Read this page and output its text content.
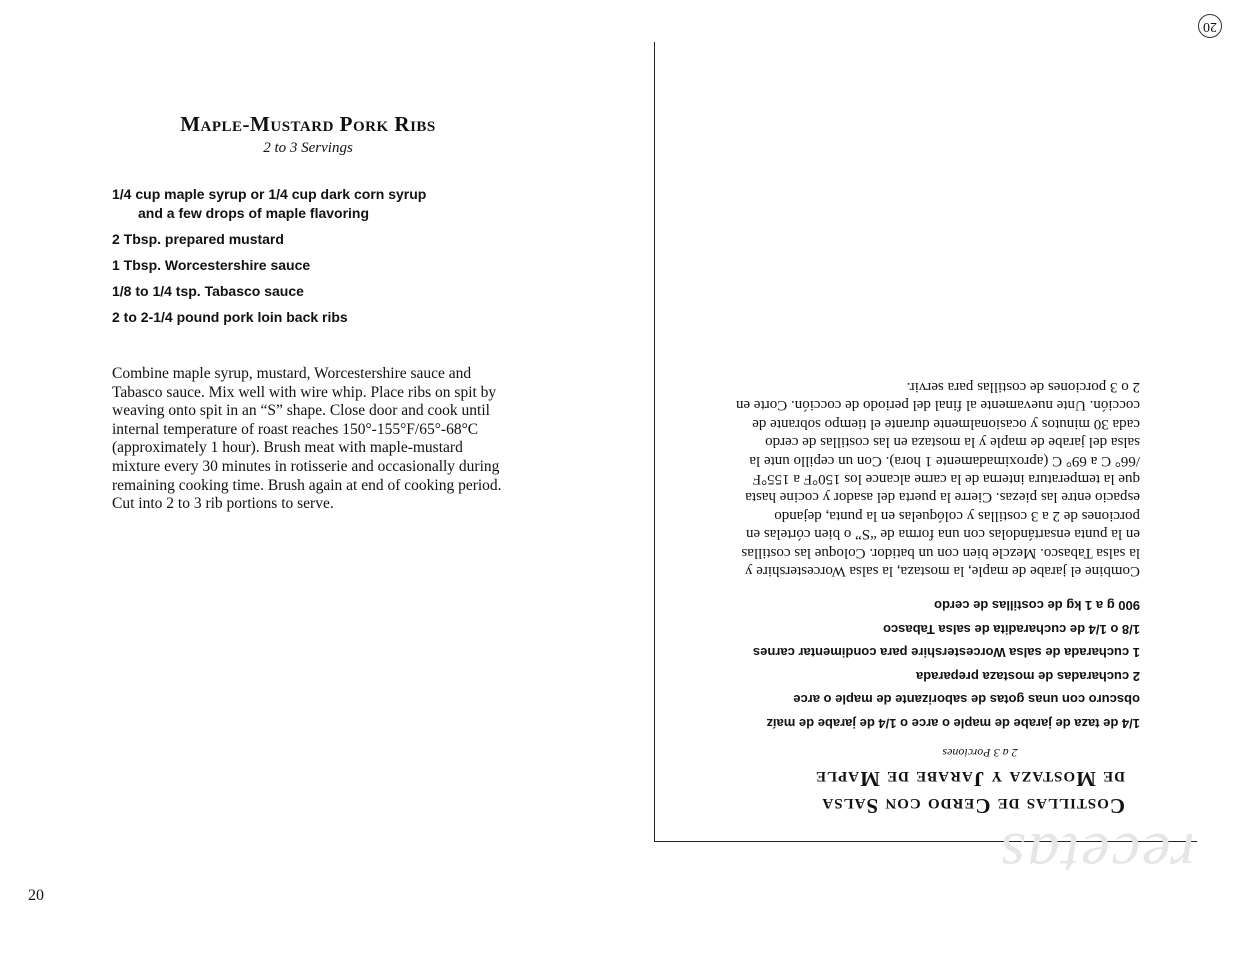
Maple-Mustard Pork Ribs
2 to 3 Servings
1/4 cup maple syrup or 1/4 cup dark corn syrup
and a few drops of maple flavoring
2 Tbsp. prepared mustard
1 Tbsp. Worcestershire sauce
1/8 to 1/4 tsp. Tabasco sauce
2 to 2-1/4 pound pork loin back ribs

Combine maple syrup, mustard, Worcestershire sauce and Tabasco sauce. Mix well with wire whip. Place ribs on spit by weaving onto spit in an “S” shape. Close door and cook until internal temperature of roast reaches 150°-155°F/65°-68°C (approximately 1 hour). Brush meat with maple-mustard mixture every 30 minutes in rotisserie and occasionally during remaining cooking time. Brush again at end of cooking period. Cut into 2 to 3 rib portions to serve.

20
recetas
Costillas de Cerdo con Salsa
de Mostaza y Jarabe de Maple
2 a 3 Porciones
1/4 de taza de jarabe de maple o arce o 1/4 de jarabe de maíz
obscuro con unas gotas de saborizante de maple o arce
2 cucharadas de mostaza preparada
1 cucharada de salsa Worcestershire para condimentar carnes
1/8 o 1/4 de cucharadita de salsa Tabasco
900 g a 1 kg de costillas de cerdo

Combine el jarabe de maple, la mostaza, la salsa Worcestershire y la salsa Tabasco. Mezcle bien con un batidor. Coloque las costillas en la punta ensartándolas con una forma de “S” o bien córtelas en porciones de 2 a 3 costillas y colóquelas en la punta, dejando espacio entre las piezas. Cierre la puerta del asador y cocine hasta que la temperatura interna de la carne alcance los 150°F a 155°F /66° C a 69° C (aproximadamente 1 hora). Con un cepillo unte la salsa del jarabe de maple y la mostaza en las costillas de cerdo cada 30 minutos y ocasionalmente durante el tiempo sobrante de cocción. Unte nuevamente al final del periodo de cocción. Corte en 2 o 3 porciones de costillas para servir.

20
